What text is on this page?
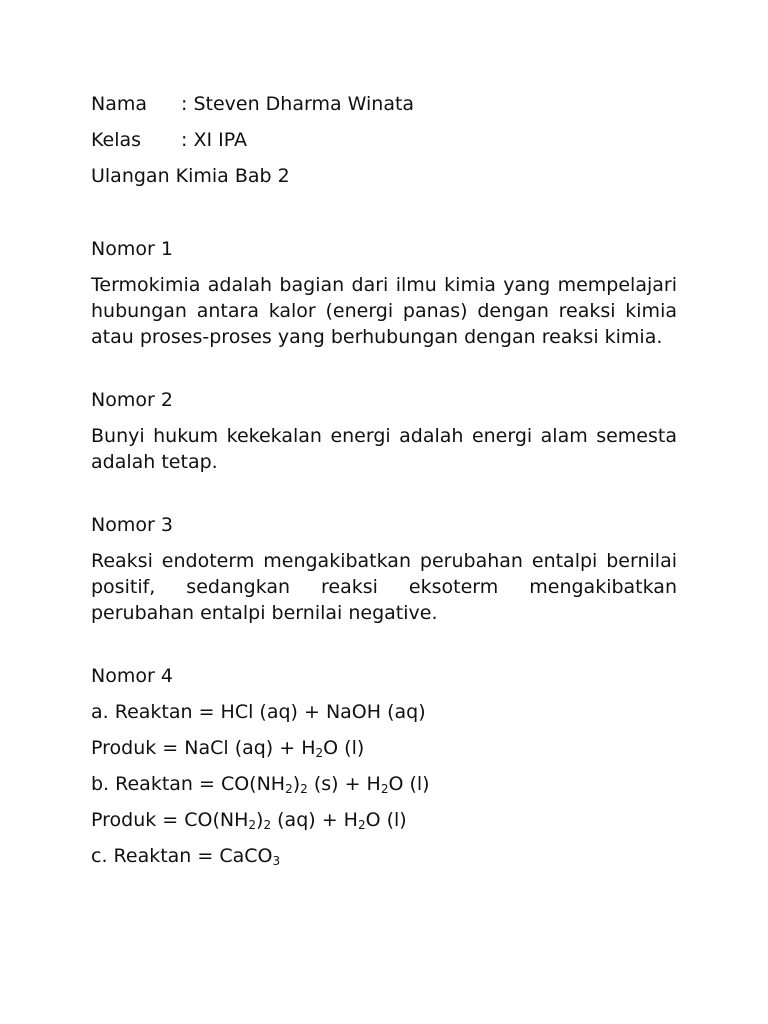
Nama	: Steven Dharma Winata
Kelas	: XI IPA
Ulangan Kimia Bab 2
Nomor 1

Termokimia adalah bagian dari ilmu kimia yang mempelajari hubungan antara kalor (energi panas) dengan reaksi kimia atau proses-proses yang berhubungan dengan reaksi kimia.

Nomor 2

Bunyi hukum kekekalan energi adalah energi alam semesta adalah tetap.

Nomor 3

Reaksi endoterm mengakibatkan perubahan entalpi bernilai positif, sedangkan reaksi eksoterm mengakibatkan perubahan entalpi bernilai negative.

Nomor 4
a. Reaktan = HCl (aq) + NaOH (aq)
Produk = NaCl $(aq) + H_2O$ (l)
b. Reaktan = $CO(NH_2)_2$ $(s) + H_2O$ (l)
Produk = $CO(NH_2)_2$ $(aq) + H_2O$ (l)
c. Reaktan = CaCO$_3$
